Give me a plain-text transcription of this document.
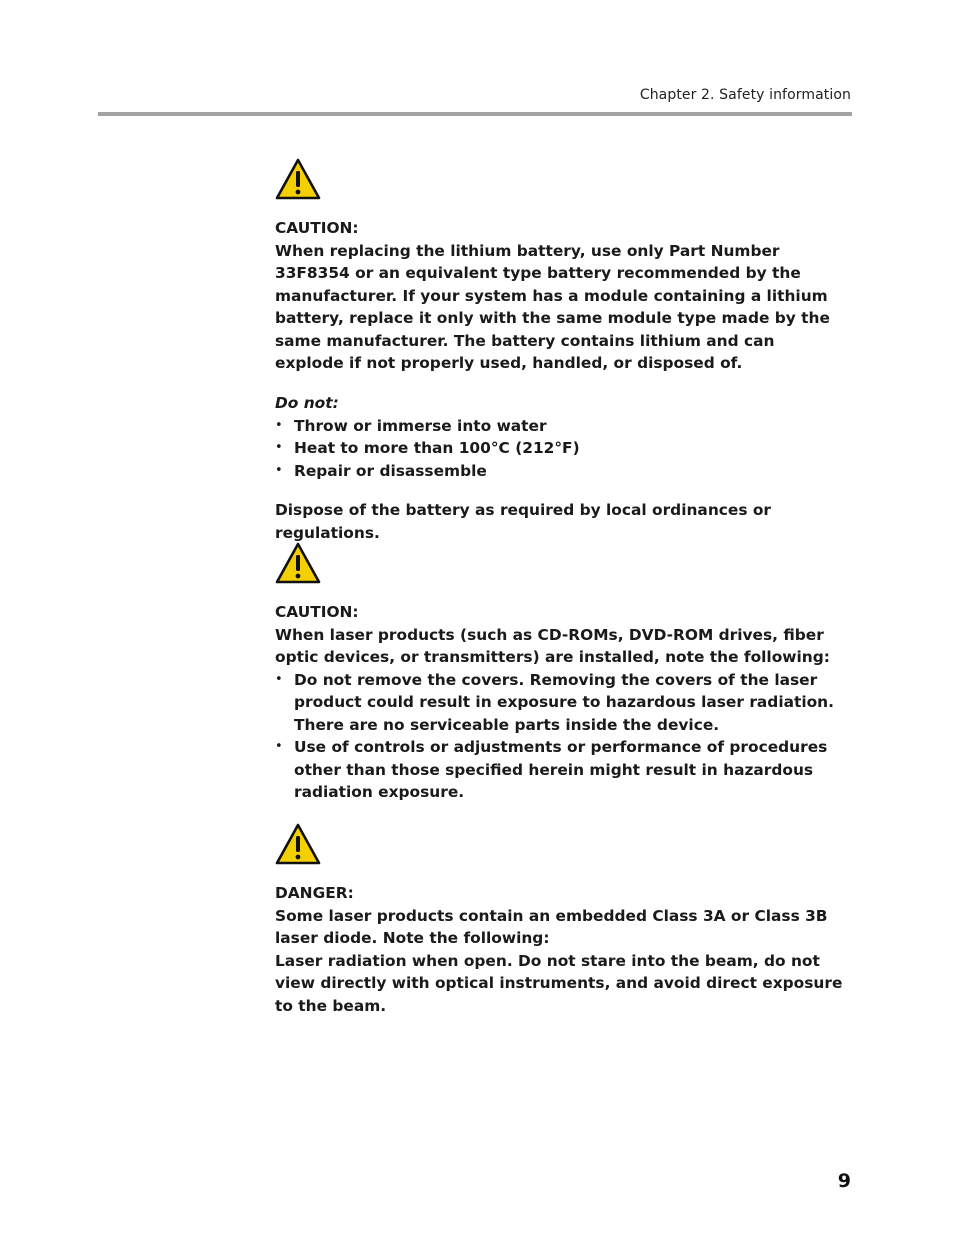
Chapter 2. Safety information

CAUTION:

When replacing the lithium battery, use only Part Number 33F8354 or an equivalent type battery recommended by the manufacturer. If your system has a module containing a lithium battery, replace it only with the same module type made by the same manufacturer. The battery contains lithium and can explode if not properly used, handled, or disposed of.

Do not:

• Throw or immerse into water
• Heat to more than 100°C (212°F)
• Repair or disassemble

Dispose of the battery as required by local ordinances or regulations.

CAUTION:

When laser products (such as CD-ROMs, DVD-ROM drives, fiber optic devices, or transmitters) are installed, note the following:

• Do not remove the covers. Removing the covers of the laser product could result in exposure to hazardous laser radiation. There are no serviceable parts inside the device.
• Use of controls or adjustments or performance of procedures other than those specified herein might result in hazardous radiation exposure.

DANGER:

Some laser products contain an embedded Class 3A or Class 3B laser diode. Note the following:

Laser radiation when open. Do not stare into the beam, do not view directly with optical instruments, and avoid direct exposure to the beam.

9
